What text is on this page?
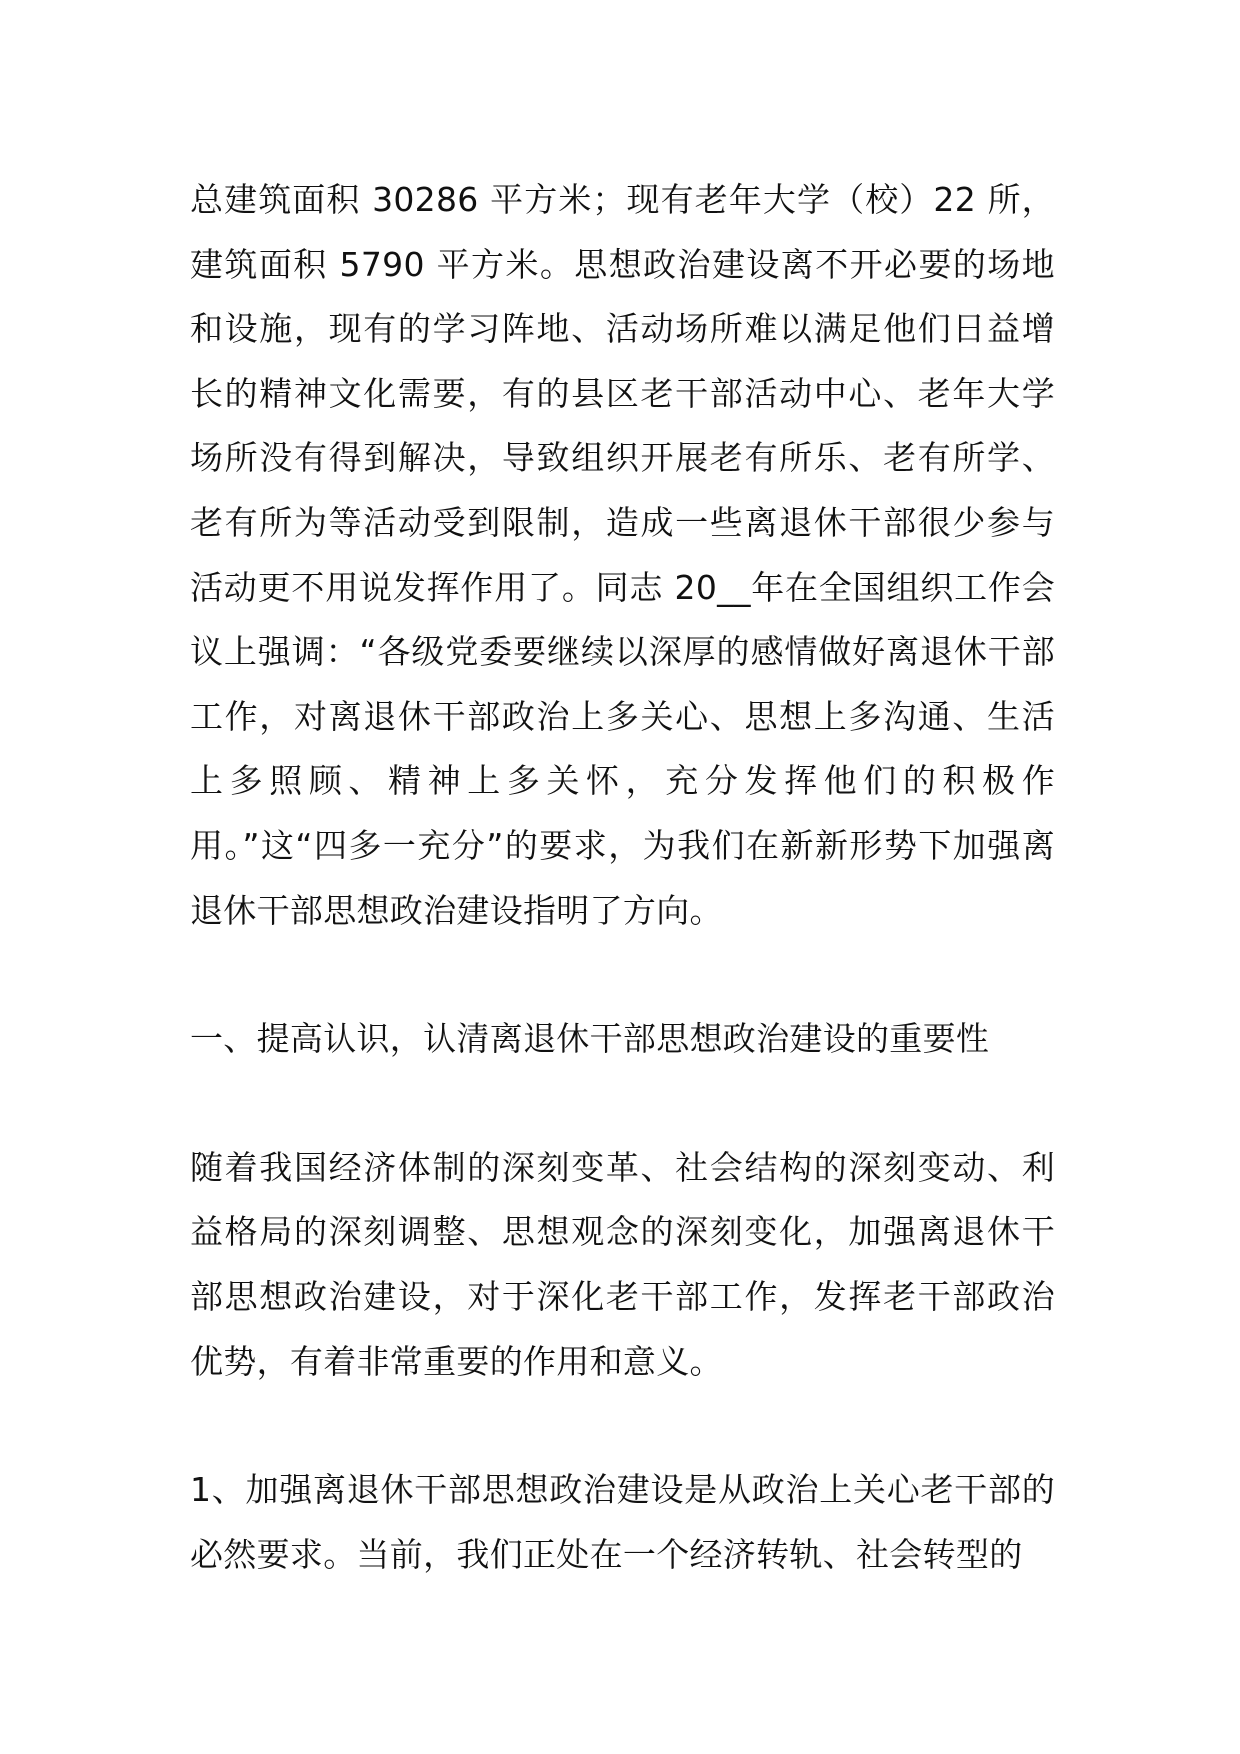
总建筑面积 30286 平方米；现有老年大学（校）22 所，建筑面积 5790 平方米。思想政治建设离不开必要的场地和设施，现有的学习阵地、活动场所难以满足他们日益增长的精神文化需要，有的县区老干部活动中心、老年大学场所没有得到解决，导致组织开展老有所乐、老有所学、老有所为等活动受到限制，造成一些离退休干部很少参与活动更不用说发挥作用了。同志 20__年在全国组织工作会议上强调：“各级党委要继续以深厚的感情做好离退休干部工作，对离退休干部政治上多关心、思想上多沟通、生活上多照顾、精神上多关怀，充分发挥他们的积极作用。”这“四多一充分”的要求，为我们在新新形势下加强离退休干部思想政治建设指明了方向。

一、提高认识，认清离退休干部思想政治建设的重要性

随着我国经济体制的深刻变革、社会结构的深刻变动、利益格局的深刻调整、思想观念的深刻变化，加强离退休干部思想政治建设，对于深化老干部工作，发挥老干部政治优势，有着非常重要的作用和意义。

1、加强离退休干部思想政治建设是从政治上关心老干部的必然要求。当前，我们正处在一个经济转轨、社会转型的
